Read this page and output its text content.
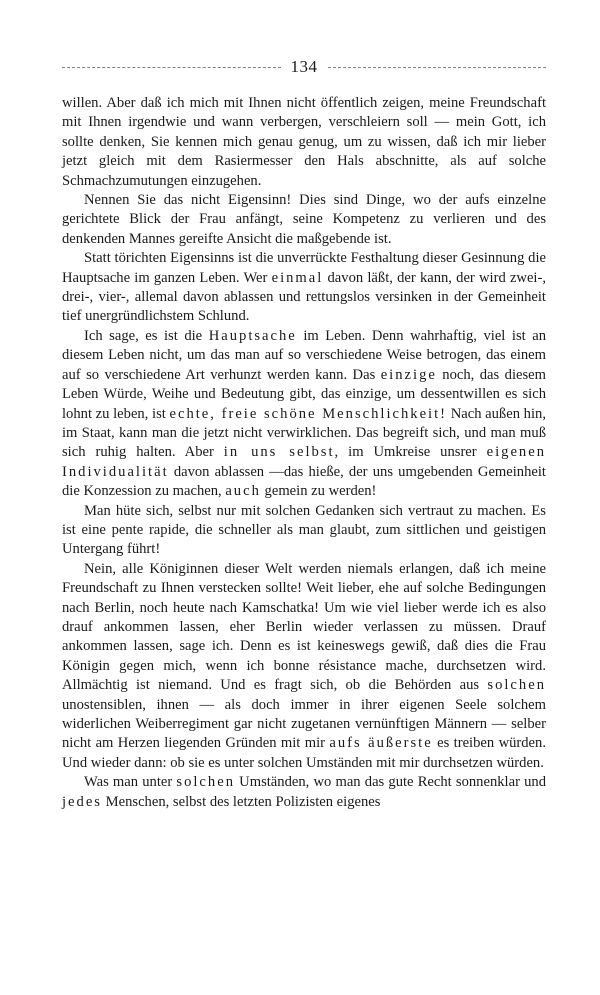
134

willen. Aber daß ich mich mit Ihnen nicht öffentlich zeigen, meine Freundschaft mit Ihnen irgendwie und wann verbergen, verschleiern soll — mein Gott, ich sollte denken, Sie kennen mich genau genug, um zu wissen, daß ich mir lieber jetzt gleich mit dem Rasiermesser den Hals abschnitte, als auf solche Schmachzumutungen einzugehen.

Nennen Sie das nicht Eigensinn! Dies sind Dinge, wo der aufs einzelne gerichtete Blick der Frau anfängt, seine Kompetenz zu verlieren und des denkenden Mannes gereifte Ansicht die maßgebende ist.

Statt törichten Eigensinns ist die unverrückte Festhaltung dieser Gesinnung die Hauptsache im ganzen Leben. Wer einmal davon läßt, der kann, der wird zwei-, drei-, vier-, allemal davon ablassen und rettungslos versinken in der Gemeinheit tief unergründlichstem Schlund.

Ich sage, es ist die Hauptsache im Leben. Denn wahrhaftig, viel ist an diesem Leben nicht, um das man auf so verschiedene Weise betrogen, das einem auf so verschiedene Art verhunzt werden kann. Das einzige noch, das diesem Leben Würde, Weihe und Bedeutung gibt, das einzige, um dessentwillen es sich lohnt zu leben, ist echte, freie schöne Menschlichkeit! Nach außen hin, im Staat, kann man die jetzt nicht verwirklichen. Das begreift sich, und man muß sich ruhig halten. Aber in uns selbst, im Umkreise unsrer eigenen Individualität davon ablassen —das hieße, der uns umgebenden Gemeinheit die Konzession zu machen, auch gemein zu werden!

Man hüte sich, selbst nur mit solchen Gedanken sich vertraut zu machen. Es ist eine pente rapide, die schneller als man glaubt, zum sittlichen und geistigen Untergang führt!

Nein, alle Königinnen dieser Welt werden niemals erlangen, daß ich meine Freundschaft zu Ihnen verstecken sollte! Weit lieber, ehe auf solche Bedingungen nach Berlin, noch heute nach Kamschatka! Um wie viel lieber werde ich es also drauf ankommen lassen, eher Berlin wieder verlassen zu müssen. Drauf ankommen lassen, sage ich. Denn es ist keineswegs gewiß, daß dies die Frau Königin gegen mich, wenn ich bonne résistance mache, durchsetzen wird. Allmächtig ist niemand. Und es fragt sich, ob die Behörden aus solchen unostensiblen, ihnen — als doch immer in ihrer eigenen Seele solchem widerlichen Weiberregiment gar nicht zugetanen vernünftigen Männern — selber nicht am Herzen liegenden Gründen mit mir aufs äußerste es treiben würden. Und wieder dann: ob sie es unter solchen Umständen mit mir durchsetzen würden.

Was man unter solchen Umständen, wo man das gute Recht sonnenklar und jedes Menschen, selbst des letzten Polizisten eigenes
